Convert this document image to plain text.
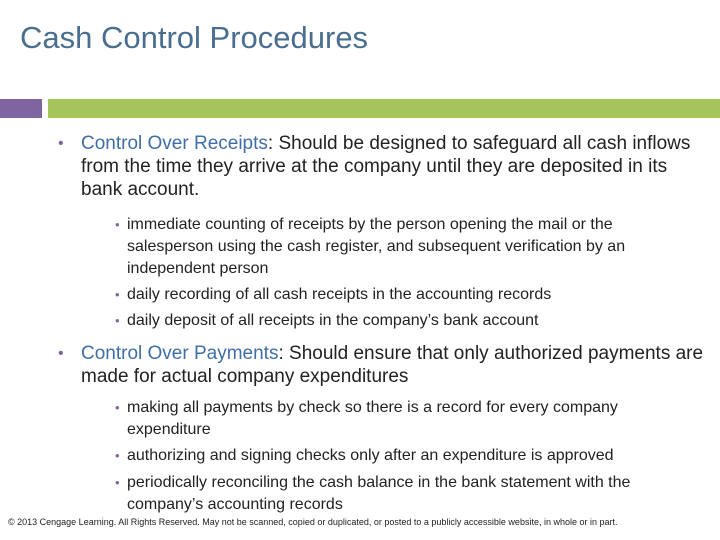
Cash Control Procedures
• Control Over Receipts: Should be designed to safeguard all cash inflows from the time they arrive at the company until they are deposited in its bank account.
• immediate counting of receipts by the person opening the mail or the salesperson using the cash register, and subsequent verification by an independent person
• daily recording of all cash receipts in the accounting records
• daily deposit of all receipts in the company’s bank account
• Control Over Payments: Should ensure that only authorized payments are made for actual company expenditures
• making all payments by check so there is a record for every company expenditure
• authorizing and signing checks only after an expenditure is approved
• periodically reconciling the cash balance in the bank statement with the company’s accounting records
© 2013 Cengage Learning. All Rights Reserved. May not be scanned, copied or duplicated, or posted to a publicly accessible website, in whole or in part.
